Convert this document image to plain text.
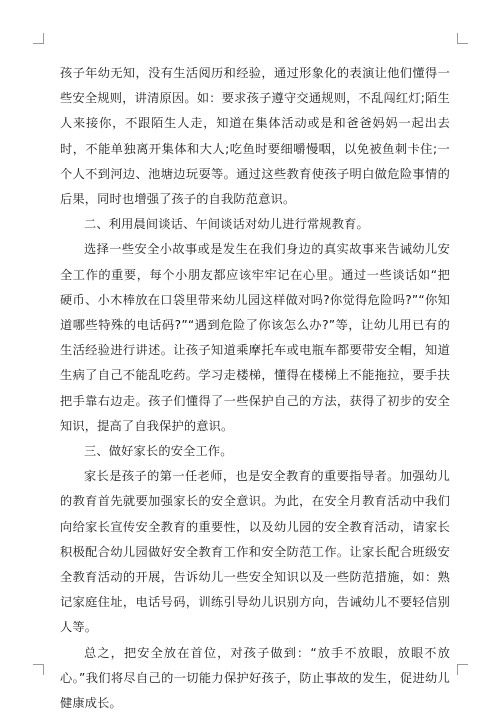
孩子年幼无知，没有生活阅历和经验，通过形象化的表演让他们懂得一些安全规则，讲清原因。如：要求孩子遵守交通规则，不乱闯红灯;陌生人来接你，不跟陌生人走，知道在集体活动或是和爸爸妈妈一起出去时，不能单独离开集体和大人;吃鱼时要细嚼慢咽，以免被鱼刺卡住;一个人不到河边、池塘边玩耍等。通过这些教育使孩子明白做危险事情的后果，同时也增强了孩子的自我防范意识。

二、利用晨间谈话、午间谈话对幼儿进行常规教育。

选择一些安全小故事或是发生在我们身边的真实故事来告诫幼儿安全工作的重要，每个小朋友都应该牢牢记在心里。通过一些谈话如“把硬币、小木棒放在口袋里带来幼儿园这样做对吗?你觉得危险吗?”“你知道哪些特殊的电话码?”“遇到危险了你该怎么办?”等，让幼儿用已有的生活经验进行讲述。让孩子知道乘摩托车或电瓶车都要带安全帽，知道生病了自己不能乱吃药。学习走楼梯，懂得在楼梯上不能拖拉，要手扶把手靠右边走。孩子们懂得了一些保护自己的方法，获得了初步的安全知识，提高了自我保护的意识。

三、做好家长的安全工作。

家长是孩子的第一任老师，也是安全教育的重要指导者。加强幼儿的教育首先就要加强家长的安全意识。为此，在安全月教育活动中我们向给家长宣传安全教育的重要性，以及幼儿园的安全教育活动，请家长积极配合幼儿园做好安全教育工作和安全防范工作。让家长配合班级安全教育活动的开展，告诉幼儿一些安全知识以及一些防范措施，如：熟记家庭住址，电话号码，训练引导幼儿识别方向，告诫幼儿不要轻信别人等。

总之，把安全放在首位，对孩子做到：“放手不放眼，放眼不放心。”我们将尽自己的一切能力保护好孩子，防止事故的发生，促进幼儿健康成长。
